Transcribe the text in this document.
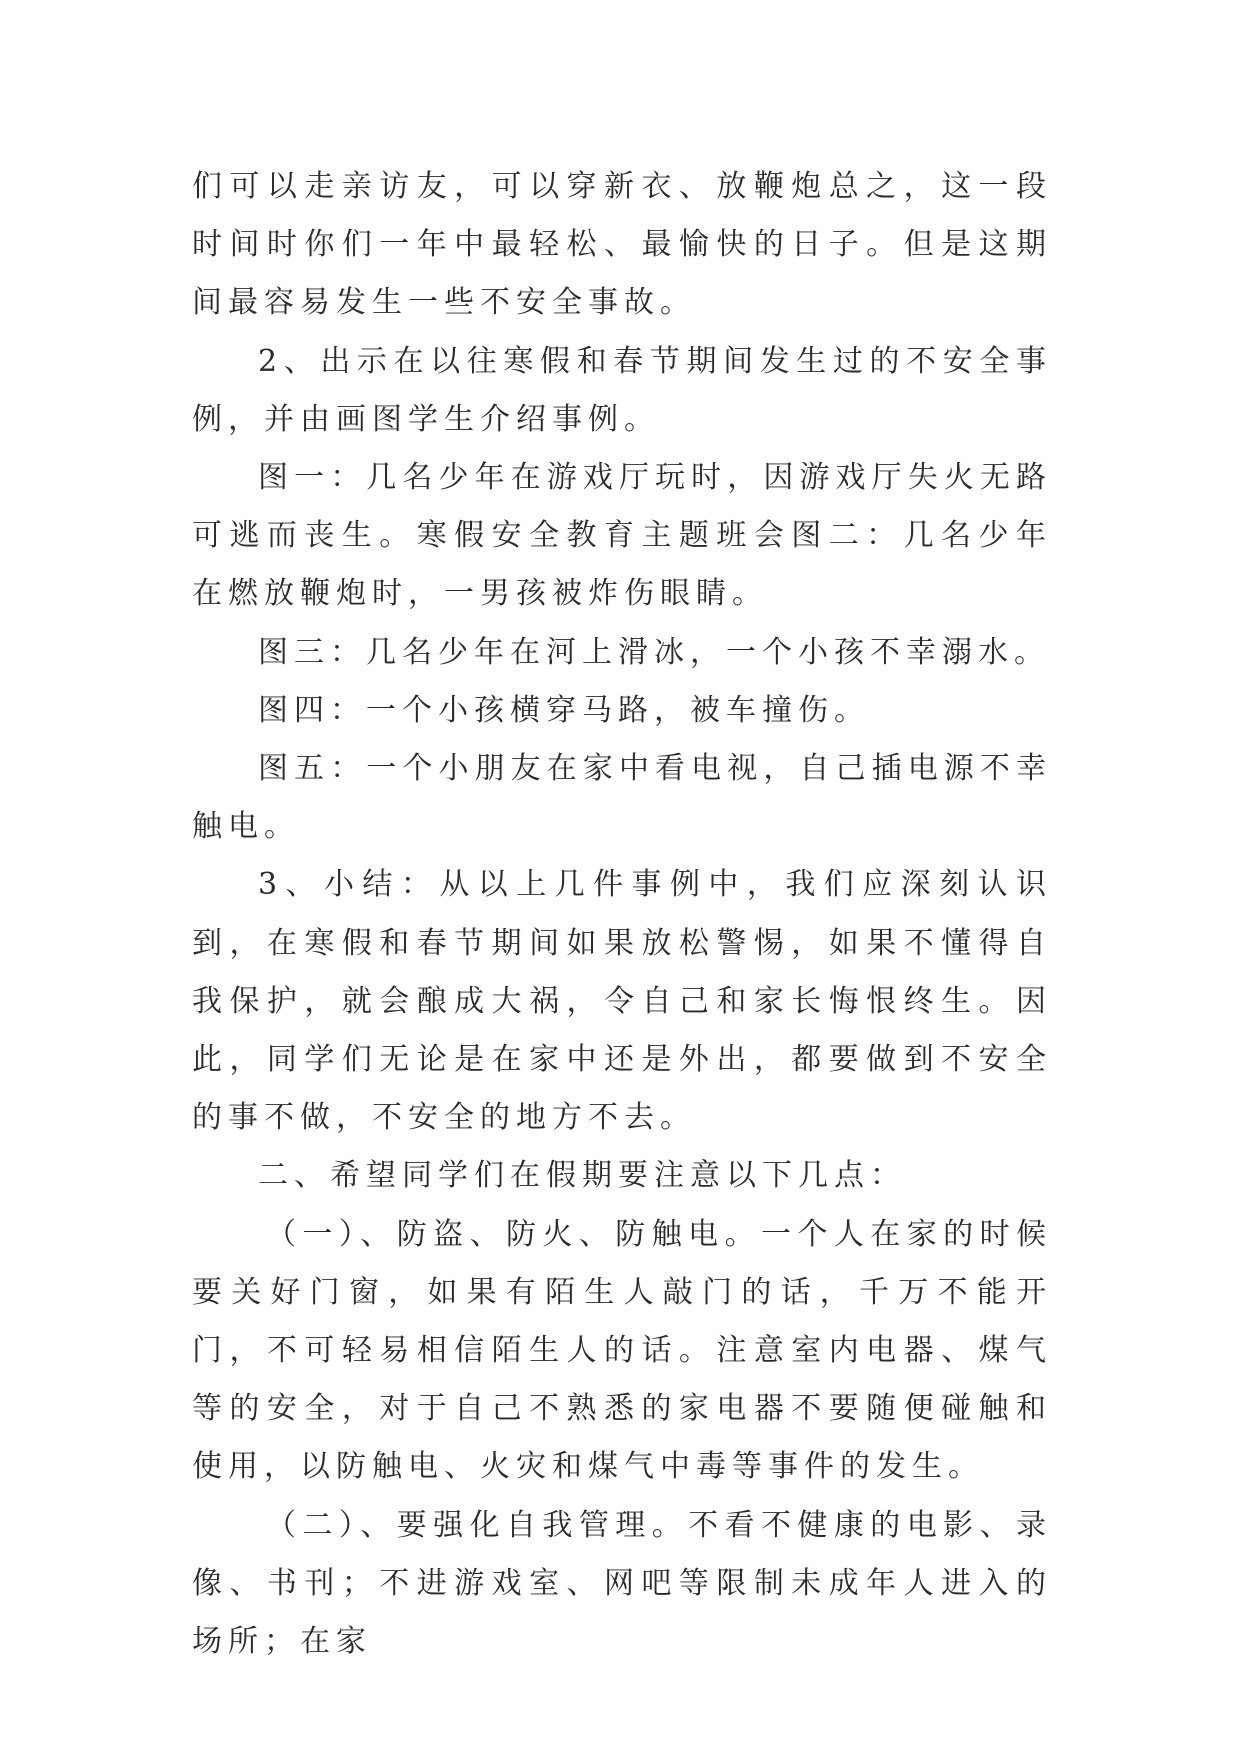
们可以走亲访友，可以穿新衣、放鞭炮总之，这一段时间时你们一年中最轻松、最愉快的日子。但是这期间最容易发生一些不安全事故。

2、出示在以往寒假和春节期间发生过的不安全事例，并由画图学生介绍事例。

图一：几名少年在游戏厅玩时，因游戏厅失火无路可逃而丧生。寒假安全教育主题班会图二：几名少年在燃放鞭炮时，一男孩被炸伤眼睛。

图三：几名少年在河上滑冰，一个小孩不幸溺水。

图四：一个小孩横穿马路，被车撞伤。

图五：一个小朋友在家中看电视，自己插电源不幸触电。

3、小结：从以上几件事例中，我们应深刻认识到，在寒假和春节期间如果放松警惕，如果不懂得自我保护，就会酿成大祸，令自己和家长悔恨终生。因此，同学们无论是在家中还是外出，都要做到不安全的事不做，不安全的地方不去。

二、希望同学们在假期要注意以下几点：

（一）、防盗、防火、防触电。一个人在家的时候要关好门窗，如果有陌生人敲门的话，千万不能开门，不可轻易相信陌生人的话。注意室内电器、煤气等的安全，对于自己不熟悉的家电器不要随便碰触和使用，以防触电、火灾和煤气中毒等事件的发生。

（二）、要强化自我管理。不看不健康的电影、录像、书刊；不进游戏室、网吧等限制未成年人进入的场所；在家
